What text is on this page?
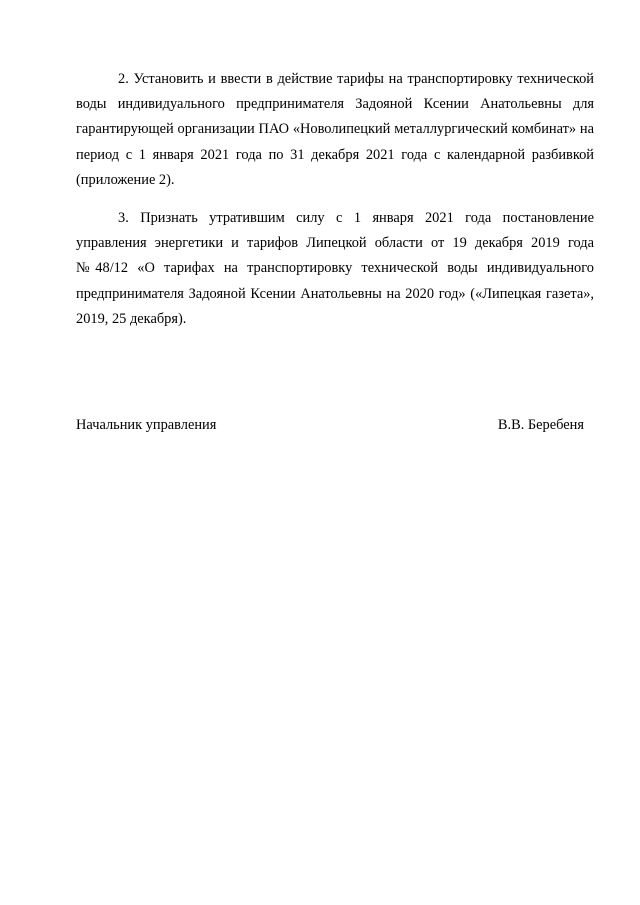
2. Установить и ввести в действие тарифы на транспортировку технической воды индивидуального предпринимателя Задояной Ксении Анатольевны для гарантирующей организации ПАО «Новолипецкий металлургический комбинат» на период с 1 января 2021 года по 31 декабря 2021 года с календарной разбивкой (приложение 2).

3. Признать утратившим силу с 1 января 2021 года постановление управления энергетики и тарифов Липецкой области от 19 декабря 2019 года №48/12 «О тарифах на транспортировку технической воды индивидуального предпринимателя Задояной Ксении Анатольевны на 2020 год» («Липецкая газета», 2019, 25 декабря).

Начальник управления	В.В. Беребеня
